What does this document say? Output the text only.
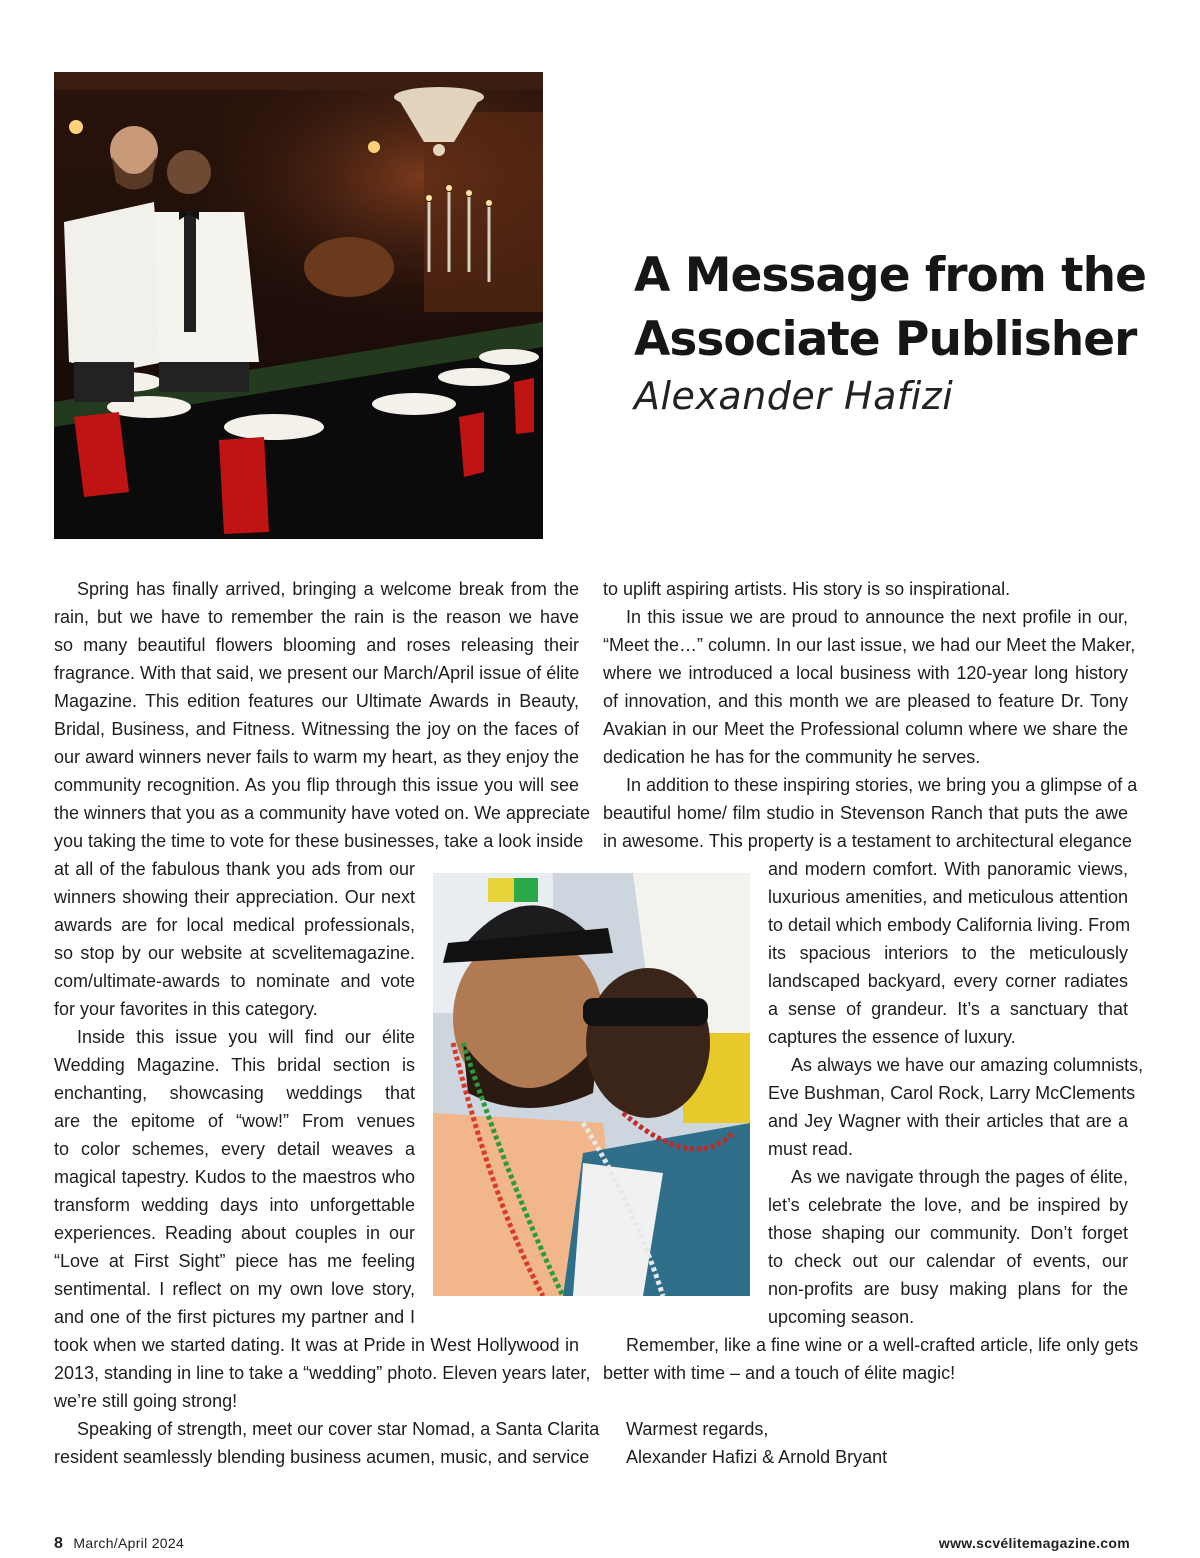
A Message from the
Associate Publisher
Alexander Hafizi

Spring has finally arrived, bringing a welcome break from the

rain, but we have to remember the rain is the reason we have

so many beautiful flowers blooming and roses releasing their

fragrance. With that said, we present our March/April issue of élite

Magazine. This edition features our Ultimate Awards in Beauty,

Bridal, Business, and Fitness. Witnessing the joy on the faces of

our award winners never fails to warm my heart, as they enjoy the

community recognition. As you flip through this issue you will see

the winners that you as a community have voted on. We appreciate

you taking the time to vote for these businesses, take a look inside

at all of the fabulous thank you ads from our

winners showing their appreciation. Our next

awards are for local medical professionals,

so stop by our website at scvelitemagazine.

com/ultimate-awards to nominate and vote

for your favorites in this category.

Inside this issue you will find our élite

Wedding Magazine. This bridal section is

enchanting, showcasing weddings that

are the epitome of “wow!” From venues

to color schemes, every detail weaves a

magical tapestry. Kudos to the maestros who

transform wedding days into unforgettable

experiences. Reading about couples in our

“Love at First Sight” piece has me feeling

sentimental. I reflect on my own love story,

and one of the first pictures my partner and I

took when we started dating. It was at Pride in West Hollywood in

2013, standing in line to take a “wedding” photo. Eleven years later,

we’re still going strong!

Speaking of strength, meet our cover star Nomad, a Santa Clarita

resident seamlessly blending business acumen, music, and service

to uplift aspiring artists. His story is so inspirational.

In this issue we are proud to announce the next profile in our,

“Meet the…” column. In our last issue, we had our Meet the Maker,

where we introduced a local business with 120-year long history

of innovation, and this month we are pleased to feature Dr. Tony

Avakian in our Meet the Professional column where we share the

dedication he has for the community he serves.

In addition to these inspiring stories, we bring you a glimpse of a

beautiful home/ film studio in Stevenson Ranch that puts the awe

in awesome. This property is a testament to architectural elegance

and modern comfort. With panoramic views,

luxurious amenities, and meticulous attention

to detail which embody California living. From

its spacious interiors to the meticulously

landscaped backyard, every corner radiates

a sense of grandeur. It’s a sanctuary that

captures the essence of luxury.

As always we have our amazing columnists,

Eve Bushman, Carol Rock, Larry McClements

and Jey Wagner with their articles that are a

must read.

As we navigate through the pages of élite,

let’s celebrate the love, and be inspired by

those shaping our community. Don’t forget

to check out our calendar of events, our

non-profits are busy making plans for the

upcoming season.

Remember, like a fine wine or a well-crafted article, life only gets

better with time – and a touch of élite magic!

Warmest regards,

Alexander Hafizi & Arnold Bryant

8 March/April 2024	www.scvélitemagazine.com
